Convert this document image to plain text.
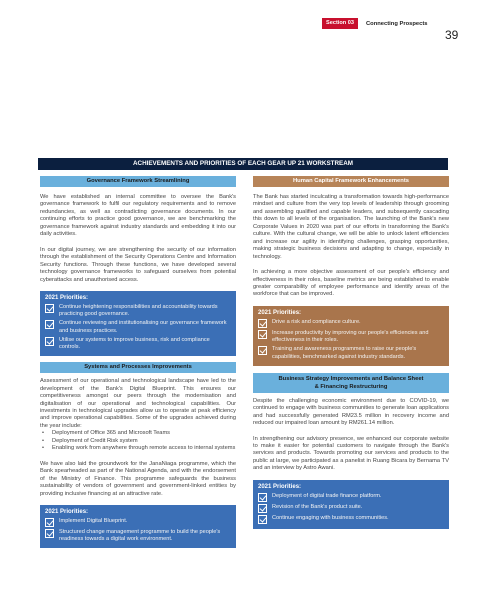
Section 03	Connecting Prospects
39
ACHIEVEMENTS AND PRIORITIES OF EACH GEAR UP 21 WORKSTREAM
Governance Framework Streamlining

We have established an internal committee to oversee the Bank's governance framework to fulfil our regulatory requirements and to remove redundancies, as well as contradicting governance documents. In our continuing efforts to practice good governance, we are benchmarking the governance framework against industry standards and embedding it into our daily activities.

In our digital journey, we are strengthening the security of our information through the establishment of the Security Operations Centre and Information Security functions. Through these functions, we have developed several technology governance frameworks to safeguard ourselves from potential cyberattacks and unauthorised access.

2021 Priorities:
Continue heightening responsibilities and accountability towards practicing good governance.
Continue reviewing and institutionalising our governance framework and business practices.
Utilise our systems to improve business, risk and compliance controls.
Systems and Processes Improvements

Assessment of our operational and technological landscape have led to the development of the Bank's Digital Blueprint. This ensures our competitiveness amongst our peers through the modernisation and digitalisation of our operational and technological capabilities. Our investments in technological upgrades allow us to operate at peak efficiency and improve operational capabilities. Some of the upgrades achieved during the year include:

• Deployment of Office 365 and Microsoft Teams
• Deployment of Credit Risk system
• Enabling work from anywhere through remote access to internal systems

We have also laid the groundwork for the JanaNiaga programme, which the Bank spearheaded as part of the National Agenda, and with the endorsement of the Ministry of Finance. This programme safeguards the business sustainability of vendors of government and government-linked entities by providing inclusive financing at an attractive rate.

2021 Priorities:
Implement Digital Blueprint.
Structured change management programme to build the people's readiness towards a digital work environment.
Human Capital Framework Enhancements

The Bank has started inculcating a transformation towards high-performance mindset and culture from the very top levels of leadership through grooming and assembling qualified and capable leaders, and subsequently cascading this down to all levels of the organisation. The launching of the Bank's new Corporate Values in 2020 was part of our efforts in transforming the Bank's culture. With the cultural change, we will be able to unlock latent efficiencies and increase our agility in identifying challenges, grasping opportunities, making strategic business decisions and adapting to change, especially in technology.

In achieving a more objective assessment of our people's efficiency and effectiveness in their roles, baseline metrics are being established to enable greater comparability of employee performance and identify areas of the workforce that can be improved.

2021 Priorities:
Drive a risk and compliance culture.
Increase productivity by improving our people's efficiencies and effectiveness in their roles.
Training and awareness programmes to raise our people's capabilities, benchmarked against industry standards.
Business Strategy Improvements and Balance Sheet
& Financing Restructuring

Despite the challenging economic environment due to COVID-19, we continued to engage with business communities to generate loan applications and had successfully generated RM23.5 million in recovery income and reduced our impaired loan amount by RM261.14 million.

In strengthening our advisory presence, we enhanced our corporate website to make it easier for potential customers to navigate through the Bank's services and products. Towards promoting our services and products to the public at large, we participated as a panelist in Ruang Bicara by Bernama TV and an interview by Astro Awani.

2021 Priorities:
Deployment of digital trade finance platform.
Revision of the Bank's product suite.
Continue engaging with business communities.
